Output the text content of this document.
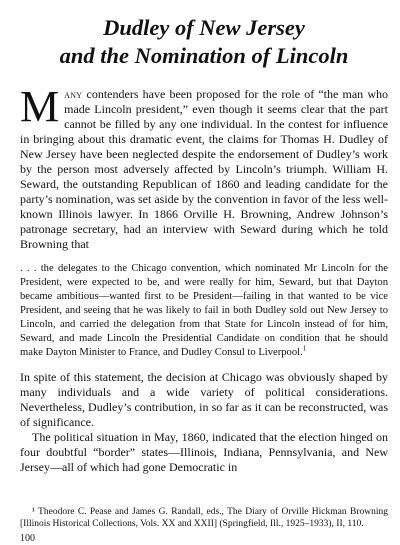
Dudley of New Jersey
and the Nomination of Lincoln

Many contenders have been proposed for the role of “the man who made Lincoln president,” even though it seems clear that the part cannot be filled by any one individual. In the contest for influence in bringing about this dramatic event, the claims for Thomas H. Dudley of New Jersey have been neglected despite the endorsement of Dudley’s work by the person most adversely affected by Lincoln’s triumph. William H. Seward, the outstanding Republican of 1860 and leading candidate for the party’s nomination, was set aside by the convention in favor of the less well-known Illinois lawyer. In 1866 Orville H. Browning, Andrew Johnson’s patronage secretary, had an interview with Seward during which he told Browning that

. . . the delegates to the Chicago convention, which nominated Mr Lincoln for the President, were expected to be, and were really for him, Seward, but that Dayton became ambitious—wanted first to be President—failing in that wanted to be vice President, and seeing that he was likely to fail in both Dudley sold out New Jersey to Lincoln, and carried the delegation from that State for Lincoln instead of for him, Seward, and made Lincoln the Presidential Candidate on condition that he should make Dayton Minister to France, and Dudley Consul to Liverpool.$^1$

In spite of this statement, the decision at Chicago was obviously shaped by many individuals and a wide variety of political considerations. Nevertheless, Dudley’s contribution, in so far as it can be reconstructed, was of significance.

The political situation in May, 1860, indicated that the election hinged on four doubtful “border” states—Illinois, Indiana, Pennsylvania, and New Jersey—all of which had gone Democratic in

¹ Theodore C. Pease and James G. Randall, eds., The Diary of Orville Hickman Browning [Illinois Historical Collections, Vols. XX and XXII] (Springfield, Ill., 1925–1933), II, 110.

100
